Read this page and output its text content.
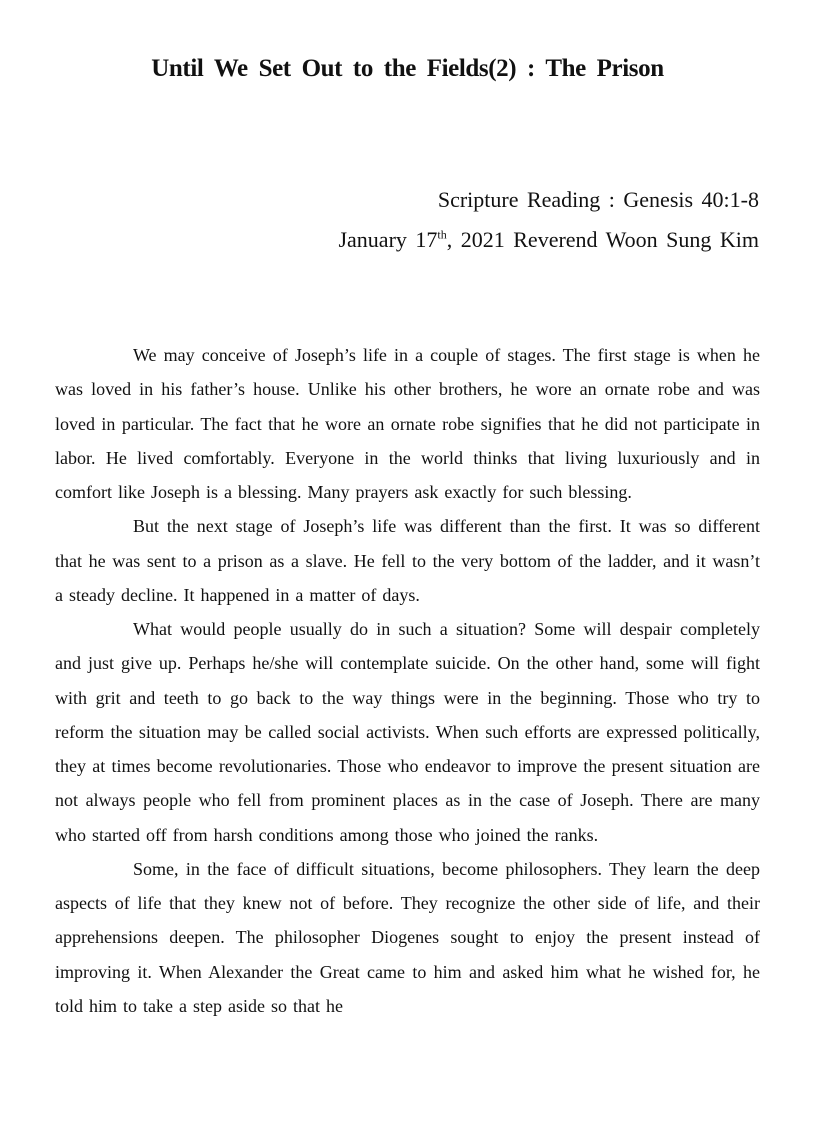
Until We Set Out to the Fields(2) : The Prison
Scripture Reading : Genesis 40:1-8
January 17th, 2021 Reverend Woon Sung Kim

We may conceive of Joseph’s life in a couple of stages. The first stage is when he was loved in his father’s house. Unlike his other brothers, he wore an ornate robe and was loved in particular. The fact that he wore an ornate robe signifies that he did not participate in labor. He lived comfortably. Everyone in the world thinks that living luxuriously and in comfort like Joseph is a blessing. Many prayers ask exactly for such blessing.

But the next stage of Joseph’s life was different than the first. It was so different that he was sent to a prison as a slave. He fell to the very bottom of the ladder, and it wasn’t a steady decline. It happened in a matter of days.

What would people usually do in such a situation? Some will despair completely and just give up. Perhaps he/she will contemplate suicide. On the other hand, some will fight with grit and teeth to go back to the way things were in the beginning. Those who try to reform the situation may be called social activists. When such efforts are expressed politically, they at times become revolutionaries. Those who endeavor to improve the present situation are not always people who fell from prominent places as in the case of Joseph. There are many who started off from harsh conditions among those who joined the ranks.

Some, in the face of difficult situations, become philosophers. They learn the deep aspects of life that they knew not of before. They recognize the other side of life, and their apprehensions deepen. The philosopher Diogenes sought to enjoy the present instead of improving it. When Alexander the Great came to him and asked him what he wished for, he told him to take a step aside so that he
